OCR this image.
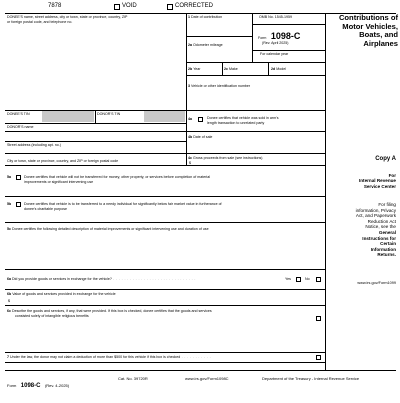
7878	VOID	CORRECTED
DONEE'S name, street address, city or town, state or province, country, ZIP
or foreign postal code, and telephone no.
DONEE'S TIN	DONOR'S TIN
DONOR'S name
Street address (including apt. no.)
City or town, state or province, country, and ZIP or foreign postal code
1 Date of contribution	OMB No. 1545-1959
Form 1098-C
(Rev. April 2025)
For calendar year
2a Odometer mileage
2b Year	2c Make	2d Model
3 Vehicle or other identification number
4a	Donee certifies that vehicle was sold in arm's
length transaction to unrelated party
4b Date of sale
4c Gross proceeds from sale (see instructions)
$
Contributions of
Motor Vehicles,
Boats, and
Airplanes
Copy A
For
Internal Revenue
Service Center
For filing
information, Privacy
Act, and Paperwork
Reduction Act
Notice, see the
General
Instructions for
Certain
Information
Returns.
www.irs.gov/Form1099
5a	Donee certifies that vehicle will not be transferred for money, other property, or services before completion of material
improvements or significant intervening use
5b	Donee certifies that vehicle is to be transferred to a needy individual for significantly below fair market value in furtherance of
donee's charitable purpose
5c Donee certifies the following detailed description of material improvements or significant intervening use and duration of use
6a Did you provide goods or services in exchange for the vehicle? . . . . . . . . . . . . . . . . . . . . . . . . . . . . . .	Yes	No
6b Value of goods and services provided in exchange for the vehicle
$
6c Describe the goods and services, if any, that were provided. If this box is checked, donee certifies that the goods and services
consisted solely of intangible religious benefits
7 Under the law, the donor may not claim a deduction of more than $500 for this vehicle if this box is checked . . . . . . . . . . .
Form 1098-C (Rev. 4-2025)
Cat. No. 39720R	www.irs.gov/Form1098C	Department of the Treasury - Internal Revenue Service
